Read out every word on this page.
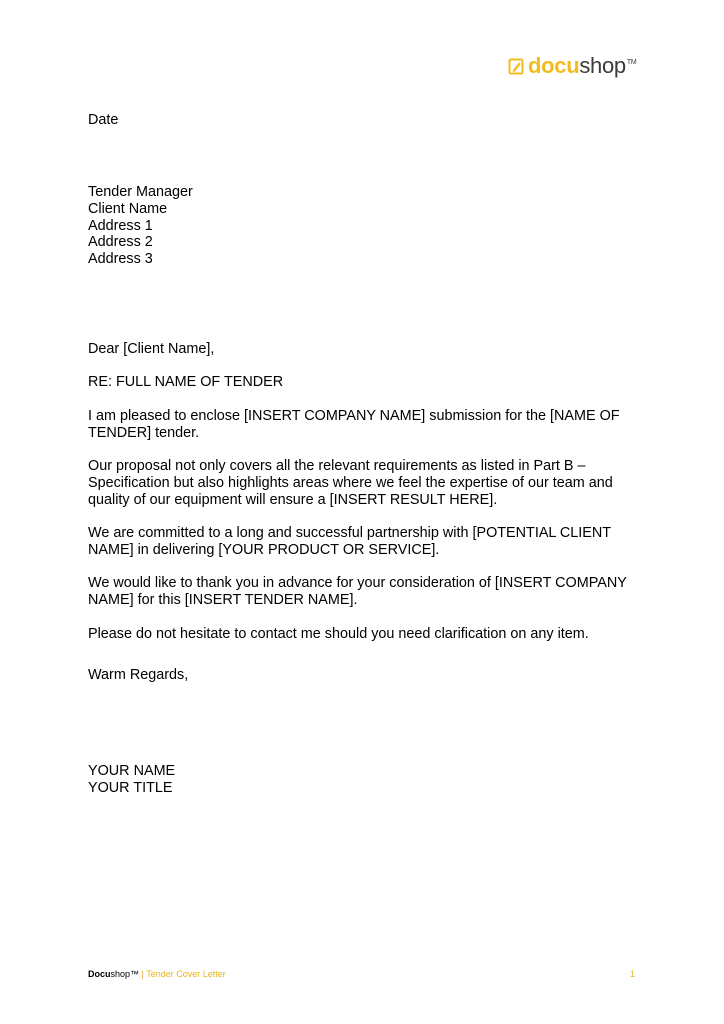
docushop™

Date

Tender Manager
Client Name
Address 1
Address 2
Address 3

Dear [Client Name],

RE: FULL NAME OF TENDER

I am pleased to enclose [INSERT COMPANY NAME] submission for the [NAME OF
TENDER] tender.
Our proposal not only covers all the relevant requirements as listed in Part B –
Specification but also highlights areas where we feel the expertise of our team and
quality of our equipment will ensure a [INSERT RESULT HERE].
We are committed to a long and successful partnership with [POTENTIAL CLIENT
NAME] in delivering [YOUR PRODUCT OR SERVICE].
We would like to thank you in advance for your consideration of [INSERT COMPANY
NAME] for this [INSERT TENDER NAME].
Please do not hesitate to contact me should you need clarification on any item.

Warm Regards,

YOUR NAME
YOUR TITLE
Docushop™ | Tender Cover Letter	1
